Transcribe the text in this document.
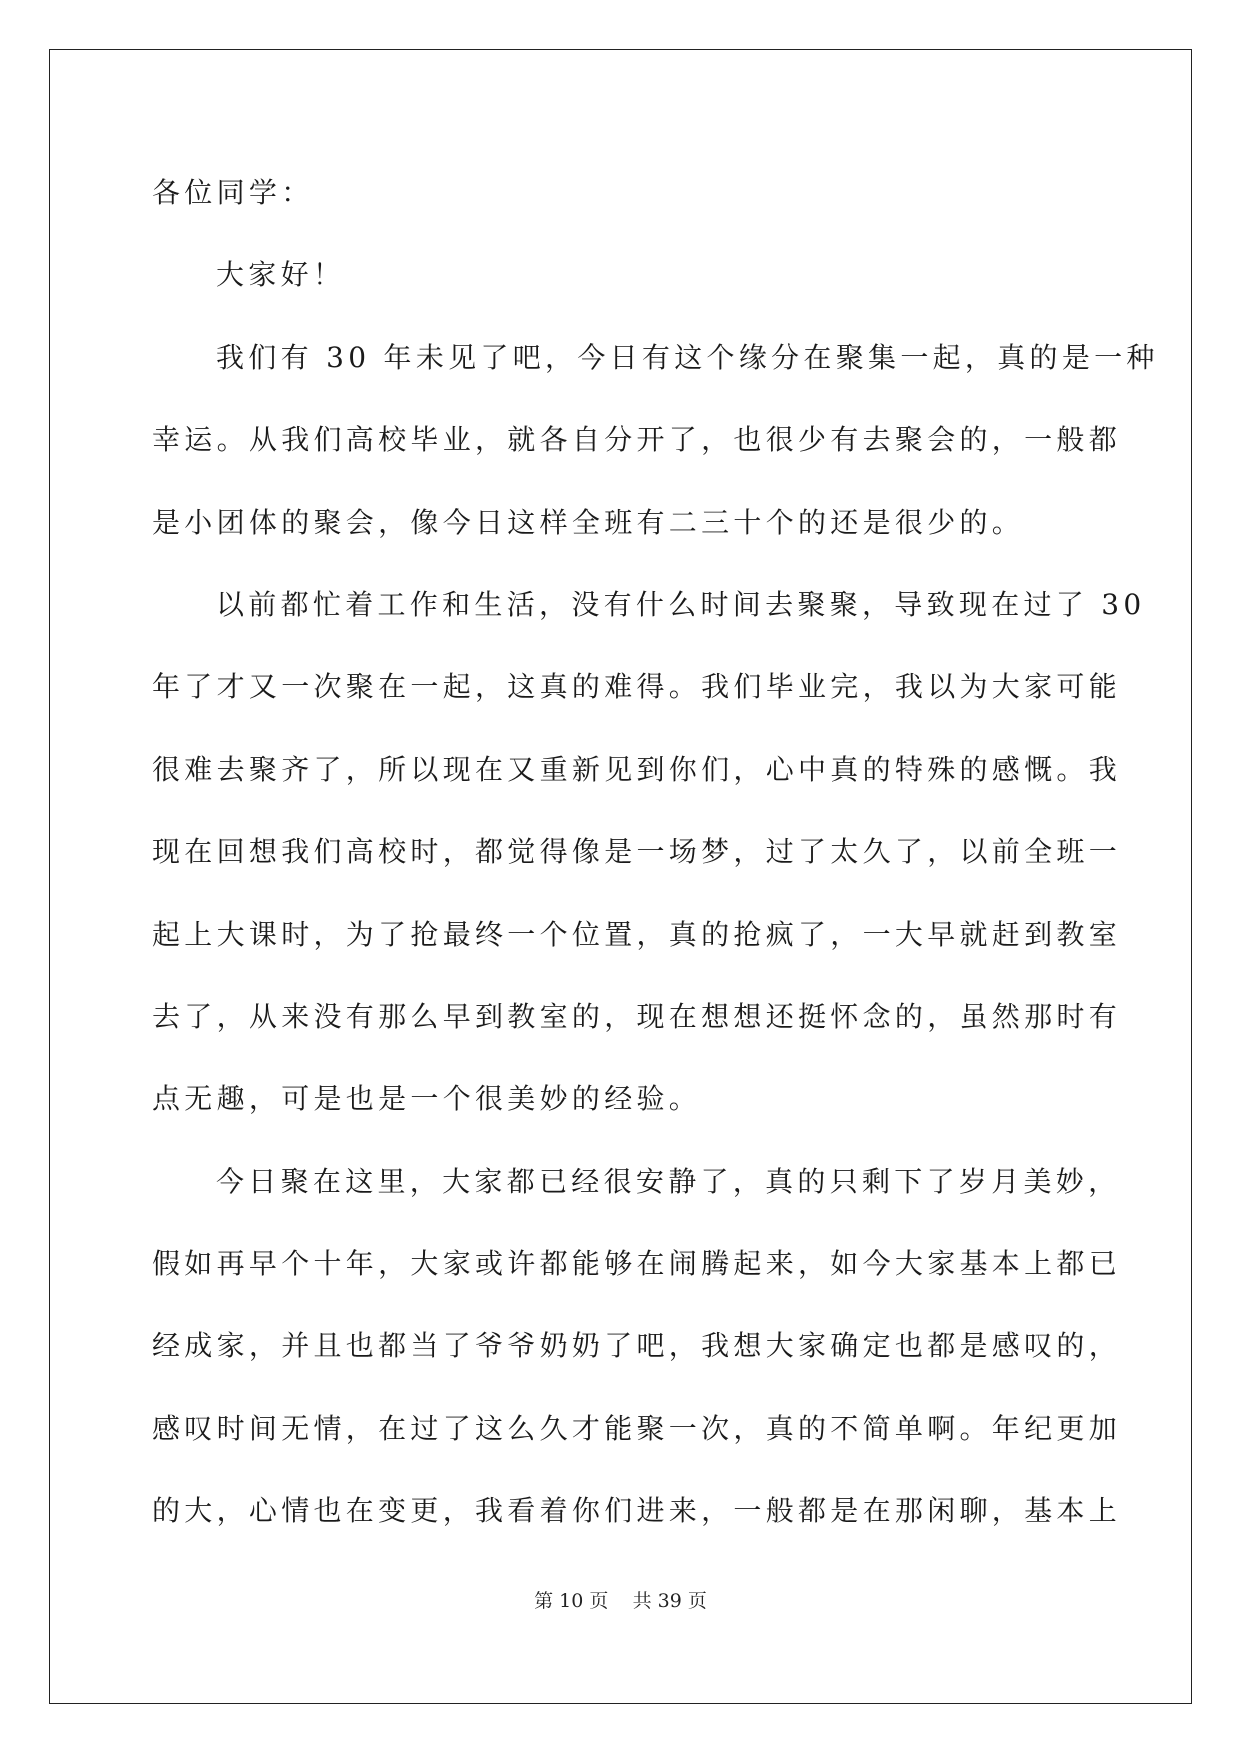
各位同学：
大家好！
我们有 30 年未见了吧，今日有这个缘分在聚集一起，真的是一种
幸运。从我们高校毕业，就各自分开了，也很少有去聚会的，一般都
是小团体的聚会，像今日这样全班有二三十个的还是很少的。
以前都忙着工作和生活，没有什么时间去聚聚，导致现在过了 30
年了才又一次聚在一起，这真的难得。我们毕业完，我以为大家可能
很难去聚齐了，所以现在又重新见到你们，心中真的特殊的感慨。我
现在回想我们高校时，都觉得像是一场梦，过了太久了，以前全班一
起上大课时，为了抢最终一个位置，真的抢疯了，一大早就赶到教室
去了，从来没有那么早到教室的，现在想想还挺怀念的，虽然那时有
点无趣，可是也是一个很美妙的经验。
今日聚在这里，大家都已经很安静了，真的只剩下了岁月美妙，
假如再早个十年，大家或许都能够在闹腾起来，如今大家基本上都已
经成家，并且也都当了爷爷奶奶了吧，我想大家确定也都是感叹的，
感叹时间无情，在过了这么久才能聚一次，真的不简单啊。年纪更加
的大，心情也在变更，我看着你们进来，一般都是在那闲聊，基本上
第 10 页 共 39 页
